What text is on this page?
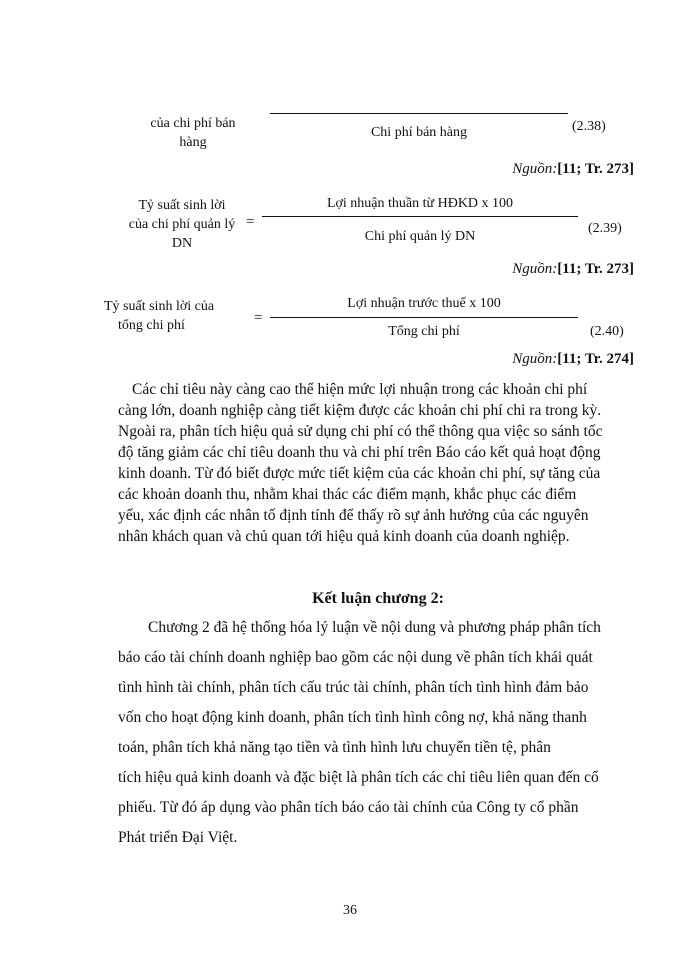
của chi phí bán
hàng
Chi phí bán hàng	(2.38)
Nguồn:[11; Tr. 273]
Tỷ suất sinh lời
của chi phí quản lý
DN
=
Lợi nhuận thuần từ HĐKD x 100
Chi phí quản lý DN
(2.39)
Nguồn:[11; Tr. 273]
Tỷ suất sinh lời của
tổng chi phí	=
Lợi nhuận trước thuế x 100
Tổng chi phí	(2.40)
Nguồn:[11; Tr. 274]
Các chỉ tiêu này càng cao thể hiện mức lợi nhuận trong các khoản chi phí
càng lớn, doanh nghiệp càng tiết kiệm được các khoản chi phí chi ra trong kỳ.
Ngoài ra, phân tích hiệu quả sử dụng chi phí có thể thông qua việc so sánh tốc
độ tăng giảm các chỉ tiêu doanh thu và chi phí trên Báo cáo kết quả hoạt động
kinh doanh. Từ đó biết được mức tiết kiệm của các khoản chi phí, sự tăng của
các khoản doanh thu, nhằm khai thác các điểm mạnh, khắc phục các điểm
yếu, xác định các nhân tố định tính để thấy rõ sự ảnh hưởng của các nguyên
nhân khách quan và chủ quan tới hiệu quả kinh doanh của doanh nghiệp.
Kết luận chương 2:
Chương 2 đã hệ thống hóa lý luận về nội dung và phương pháp phân tích
báo cáo tài chính doanh nghiệp bao gồm các nội dung về phân tích khái quát
tình hình tài chính, phân tích cấu trúc tài chính, phân tích tình hình đảm bảo
vốn cho hoạt động kinh doanh, phân tích tình hình công nợ, khả năng thanh
toán, phân tích khả năng tạo tiền và tình hình lưu chuyển tiền tệ, phân
tích hiệu quả kinh doanh và đặc biệt là phân tích các chỉ tiêu liên quan đến cổ
phiếu. Từ đó áp dụng vào phân tích báo cáo tài chính của Công ty cổ phần
Phát triển Đại Việt.
36
